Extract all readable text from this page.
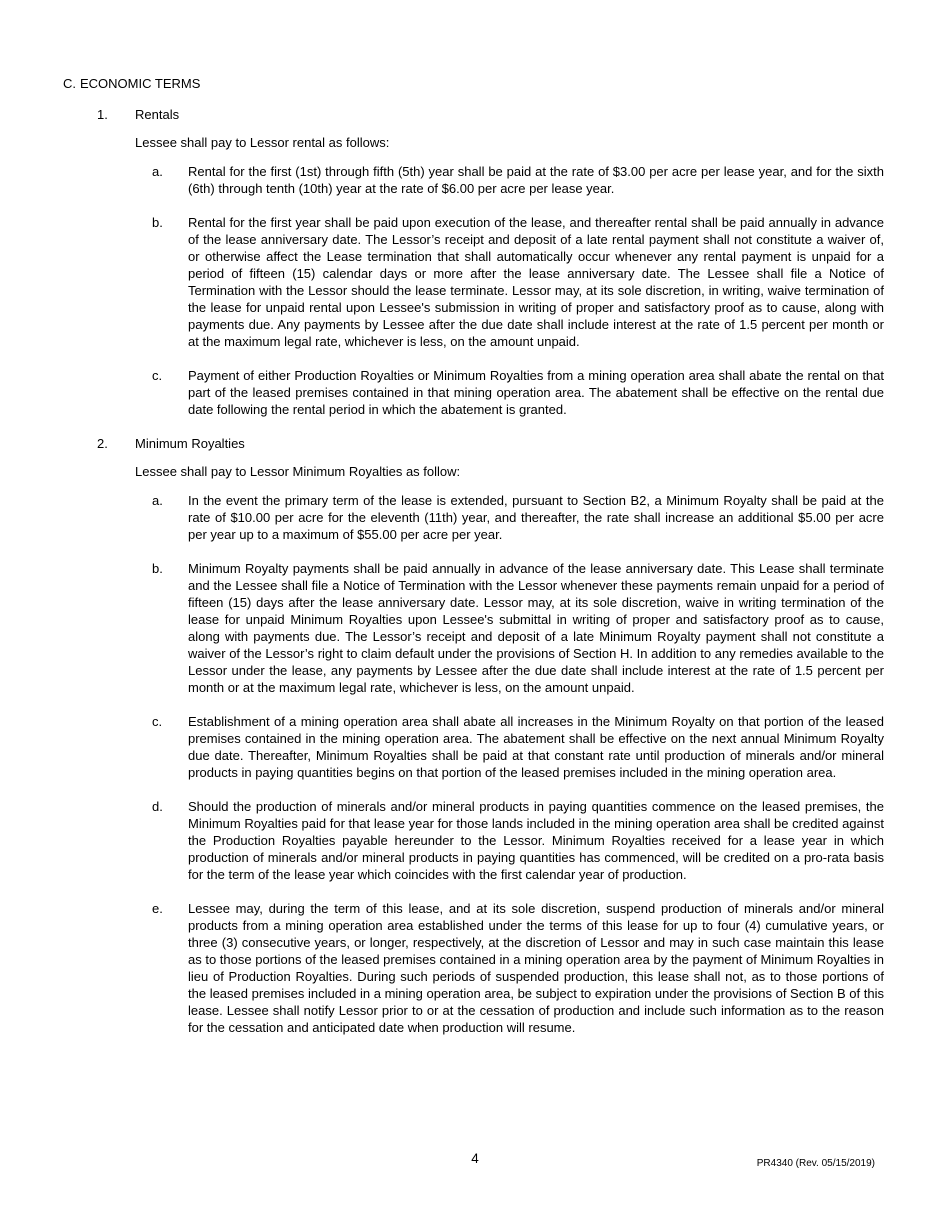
C. ECONOMIC TERMS
1.	Rentals

Lessee shall pay to Lessor rental as follows:

a.	Rental for the first (1st) through fifth (5th) year shall be paid at the rate of $3.00 per acre per lease year, and for the sixth (6th) through tenth (10th) year at the rate of $6.00 per acre per lease year.
b.	Rental for the first year shall be paid upon execution of the lease, and thereafter rental shall be paid annually in advance of the lease anniversary date. The Lessor’s receipt and deposit of a late rental payment shall not constitute a waiver of, or otherwise affect the Lease termination that shall automatically occur whenever any rental payment is unpaid for a period of fifteen (15) calendar days or more after the lease anniversary date. The Lessee shall file a Notice of Termination with the Lessor should the lease terminate. Lessor may, at its sole discretion, in writing, waive termination of the lease for unpaid rental upon Lessee's submission in writing of proper and satisfactory proof as to cause, along with payments due. Any payments by Lessee after the due date shall include interest at the rate of 1.5 percent per month or at the maximum legal rate, whichever is less, on the amount unpaid.
c.	Payment of either Production Royalties or Minimum Royalties from a mining operation area shall abate the rental on that part of the leased premises contained in that mining operation area. The abatement shall be effective on the rental due date following the rental period in which the abatement is granted.
2.	Minimum Royalties

Lessee shall pay to Lessor Minimum Royalties as follow:

a.	In the event the primary term of the lease is extended, pursuant to Section B2, a Minimum Royalty shall be paid at the rate of $10.00 per acre for the eleventh (11th) year, and thereafter, the rate shall increase an additional $5.00 per acre per year up to a maximum of $55.00 per acre per year.
b.	Minimum Royalty payments shall be paid annually in advance of the lease anniversary date. This Lease shall terminate and the Lessee shall file a Notice of Termination with the Lessor whenever these payments remain unpaid for a period of fifteen (15) days after the lease anniversary date. Lessor may, at its sole discretion, waive in writing termination of the lease for unpaid Minimum Royalties upon Lessee's submittal in writing of proper and satisfactory proof as to cause, along with payments due. The Lessor’s receipt and deposit of a late Minimum Royalty payment shall not constitute a waiver of the Lessor’s right to claim default under the provisions of Section H. In addition to any remedies available to the Lessor under the lease, any payments by Lessee after the due date shall include interest at the rate of 1.5 percent per month or at the maximum legal rate, whichever is less, on the amount unpaid.
c.	Establishment of a mining operation area shall abate all increases in the Minimum Royalty on that portion of the leased premises contained in the mining operation area. The abatement shall be effective on the next annual Minimum Royalty due date. Thereafter, Minimum Royalties shall be paid at that constant rate until production of minerals and/or mineral products in paying quantities begins on that portion of the leased premises included in the mining operation area.
d.	Should the production of minerals and/or mineral products in paying quantities commence on the leased premises, the Minimum Royalties paid for that lease year for those lands included in the mining operation area shall be credited against the Production Royalties payable hereunder to the Lessor. Minimum Royalties received for a lease year in which production of minerals and/or mineral products in paying quantities has commenced, will be credited on a pro-rata basis for the term of the lease year which coincides with the first calendar year of production.
e.	Lessee may, during the term of this lease, and at its sole discretion, suspend production of minerals and/or mineral products from a mining operation area established under the terms of this lease for up to four (4) cumulative years, or three (3) consecutive years, or longer, respectively, at the discretion of Lessor and may in such case maintain this lease as to those portions of the leased premises contained in a mining operation area by the payment of Minimum Royalties in lieu of Production Royalties. During such periods of suspended production, this lease shall not, as to those portions of the leased premises included in a mining operation area, be subject to expiration under the provisions of Section B of this lease. Lessee shall notify Lessor prior to or at the cessation of production and include such information as to the reason for the cessation and anticipated date when production will resume.
4	PR4340 (Rev. 05/15/2019)
